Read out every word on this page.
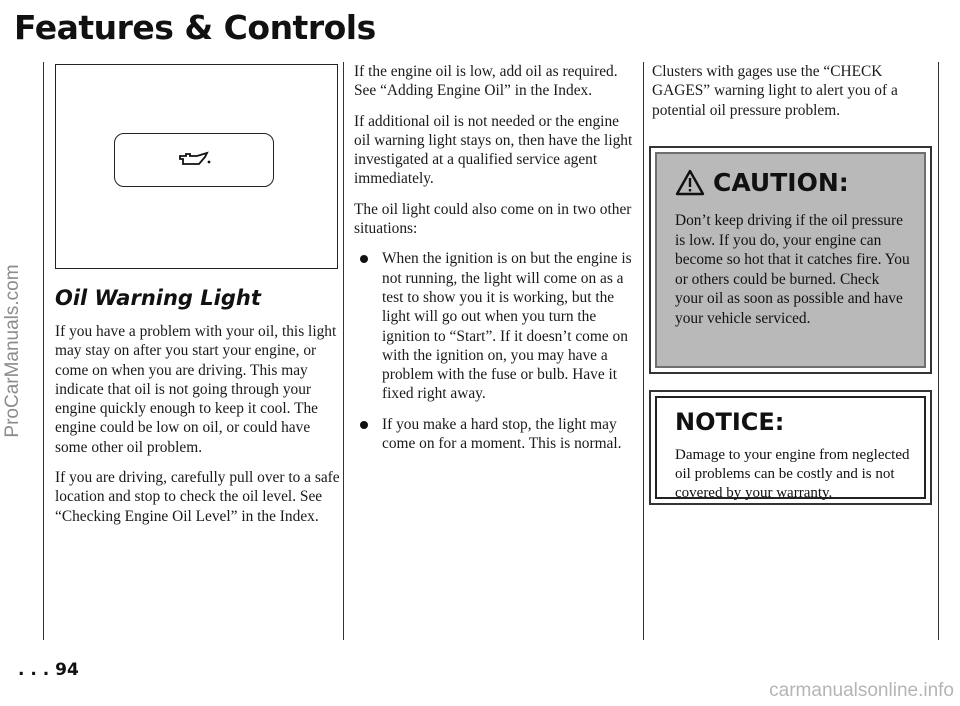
Features & Controls
ProCarManuals.com Oil Warning Light

If you have a problem with your oil, this light may stay on after you start your engine, or come on when you are driving. This may indicate that oil is not going through your engine quickly enough to keep it cool. The engine could be low on oil, or could have some other oil problem.

If you are driving, carefully pull over to a safe location and stop to check the oil level. See “Checking Engine Oil Level” in the Index.

If the engine oil is low, add oil as required. See “Adding Engine Oil” in the Index.

If additional oil is not needed or the engine oil warning light stays on, then have the light investigated at a qualified service agent immediately.

The oil light could also come on in two other situations:

When the ignition is on but the engine is not running, the light will come on as a test to show you it is working, but the light will go out when you turn the ignition to “Start”. If it doesn’t come on with the ignition on, you may have a problem with the fuse or bulb. Have it fixed right away.
If you make a hard stop, the light may come on for a moment. This is normal.

Clusters with gages use the “CHECK GAGES” warning light to alert you of a potential oil pressure problem.

CAUTION:
Don’t keep driving if the oil pressure is low. If you do, your engine can become so hot that it catches fire. You or others could be burned. Check your oil as soon as possible and have your vehicle serviced.
NOTICE:
Damage to your engine from neglected oil problems can be costly and is not covered by your warranty.
. . . 94
carmanualsonline.info
